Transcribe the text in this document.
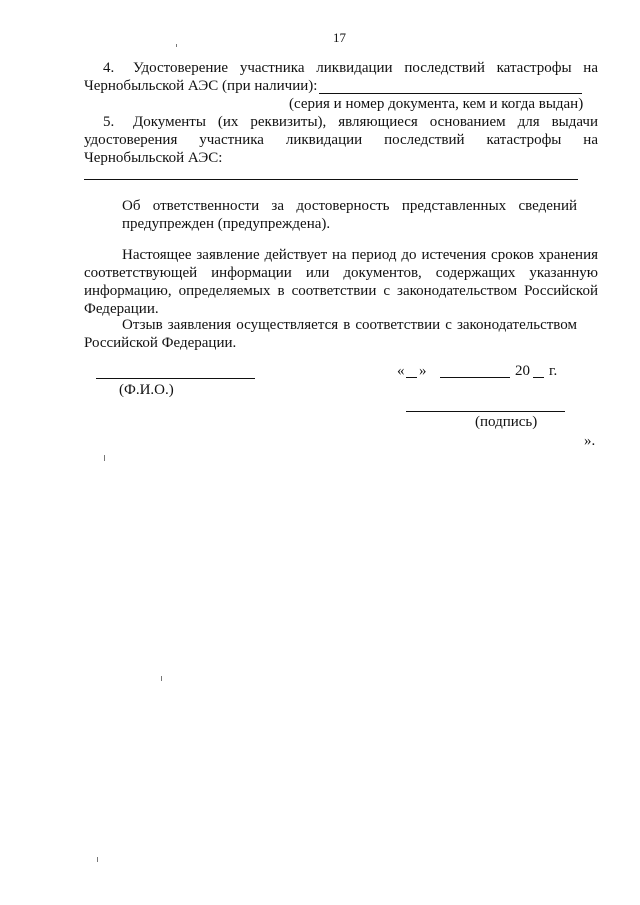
17
4. Удостоверение участника ликвидации последствий катастрофы на
Чернобыльской АЭС (при наличии):
(серия и номер документа, кем и когда выдан)
5. Документы (их реквизиты), являющиеся основанием для выдачи
удостоверения участника ликвидации последствий катастрофы на
Чернобыльской АЭС:
Об ответственности за достоверность представленных сведений
предупрежден (предупреждена).
Настоящее заявление действует на период до истечения сроков хранения
соответствующей информации или документов, содержащих указанную
информацию, определяемых в соответствии с законодательством Российской
Федерации.
Отзыв заявления осуществляется в соответствии с законодательством
Российской Федерации.
(Ф.И.О.)
« »	20 г.
(подпись)
».
